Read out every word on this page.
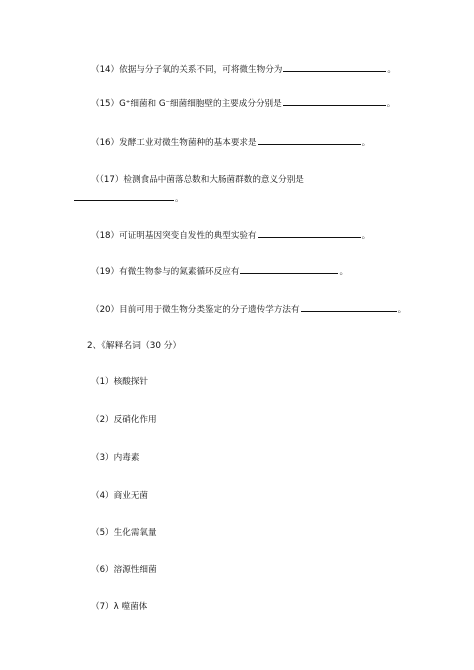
（14）依据与分子氧的关系不同，可将微生物分为	。
（15）G⁺细菌和 G⁻细菌细胞壁的主要成分分别是	。
（16）发酵工业对微生物菌种的基本要求是	。
（（17）检测食品中菌落总数和大肠菌群数的意义分别是
。
（18）可证明基因突变自发性的典型实验有	。
（19）有微生物参与的氮素循环反应有	。
（20）目前可用于微生物分类鉴定的分子遗传学方法有	。
2、《解释名词（30 分）
（1）核酸探针
（2）反硝化作用
（3）内毒素
（4）商业无菌
（5）生化需氧量
（6）溶源性细菌
（7）λ 噬菌体
